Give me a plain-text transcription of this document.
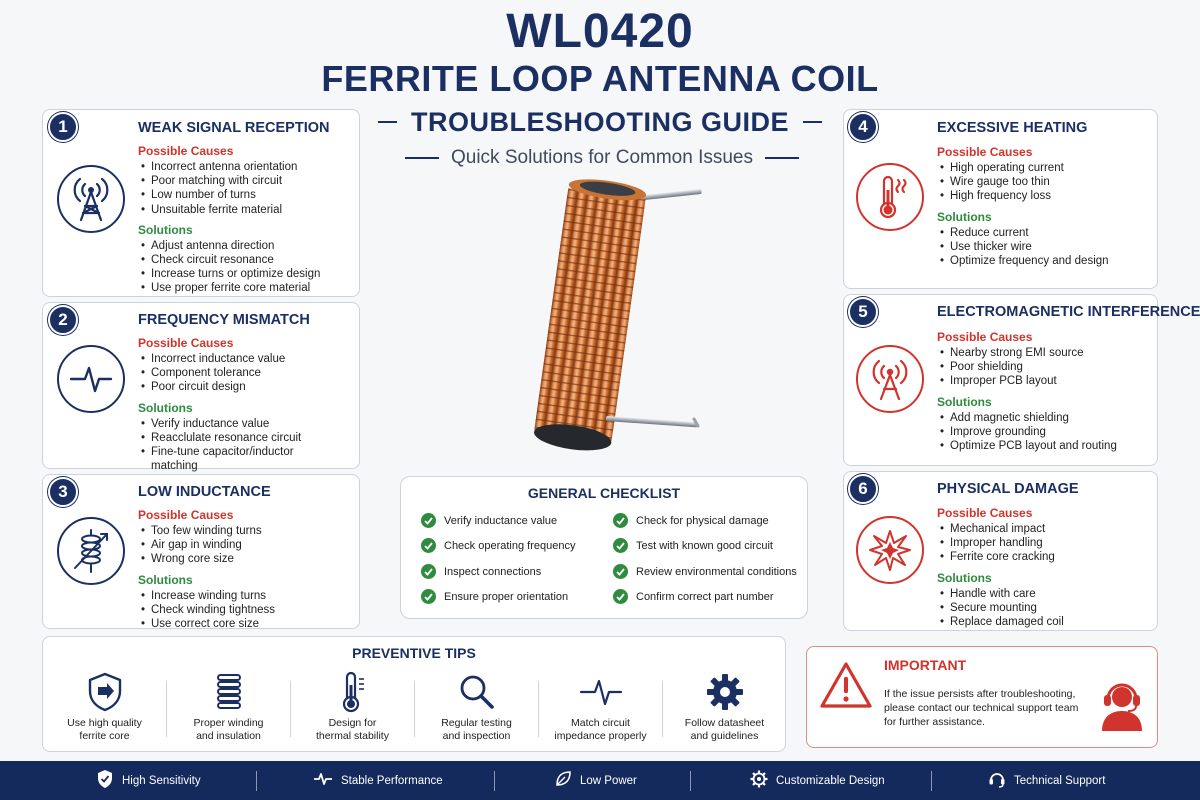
WL0420
FERRITE LOOP ANTENNA COIL
TROUBLESHOOTING GUIDE
Quick Solutions for Common Issues
WEAK SIGNAL RECEPTION
Possible Causes
• Incorrect antenna orientation
• Poor matching with circuit
• Low number of turns
• Unsuitable ferrite material
Solutions
• Adjust antenna direction
• Check circuit resonance
• Increase turns or optimize design
• Use proper ferrite core material
1
FREQUENCY MISMATCH
Possible Causes
• Incorrect inductance value
• Component tolerance
• Poor circuit design
Solutions
• Verify inductance value
• Reacclulate resonance circuit
• Fine-tune capacitor/inductor
matching
2
LOW INDUCTANCE
Possible Causes
• Too few winding turns
• Air gap in winding
• Wrong core size
Solutions
• Increase winding turns
• Check winding tightness
• Use correct core size
3
EXCESSIVE HEATING
Possible Causes
• High operating current
• Wire gauge too thin
• High frequency loss
Solutions
• Reduce current
• Use thicker wire
• Optimize frequency and design
4
ELECTROMAGNETIC INTERFERENCE
Possible Causes
• Nearby strong EMI source
• Poor shielding
• Improper PCB layout
Solutions
• Add magnetic shielding
• Improve grounding
• Optimize PCB layout and routing
5
PHYSICAL DAMAGE
Possible Causes
• Mechanical impact
• Improper handling
• Ferrite core cracking
Solutions
• Handle with care
• Secure mounting
• Replace damaged coil
6
GENERAL CHECKLIST
Verify inductance value
Check operating frequency
Inspect connections
Ensure proper orientation
Check for physical damage
Test with known good circuit
Review environmental conditions
Confirm correct part number
PREVENTIVE TIPS
Use high quality
ferrite core
Proper winding
and insulation
Design for
thermal stability
Regular testing
and inspection
Match circuit
impedance properly
Follow datasheet
and guidelines
IMPORTANT
If the issue persists after troubleshooting,
please contact our technical support team
for further assistance.
High Sensitivity	Stable Performance	Low Power	Customizable Design	Technical Support
